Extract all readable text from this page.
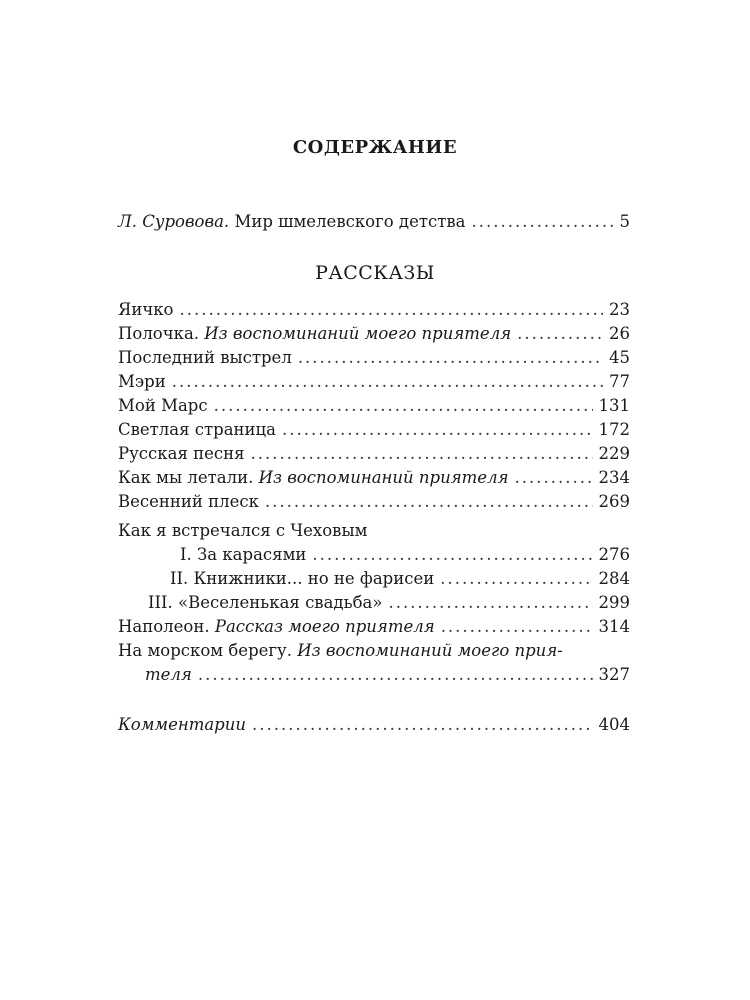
СОДЕРЖАНИЕ
Л. Суровова. Мир шмелевского детства .....	5
РАССКАЗЫ
Яичко .....	23
Полочка. Из воспоминаний моего приятеля .....	26
Последний выстрел .....	45
Мэри .....	77
Мой Марс .....	131
Светлая страница .....	172
Русская песня .....	229
Как мы летали. Из воспоминаний приятеля .....	234
Весенний плеск .....	269
Как я встречался с Чеховым
I. За карасями .....	276
II. Книжники... но не фарисеи .....	284
III. «Веселенькая свадьба» .....	299
Наполеон. Рассказ моего приятеля .....	314
На морском берегу. Из воспоминаний моего прия-
теля .....	327
Комментарии .....	404
